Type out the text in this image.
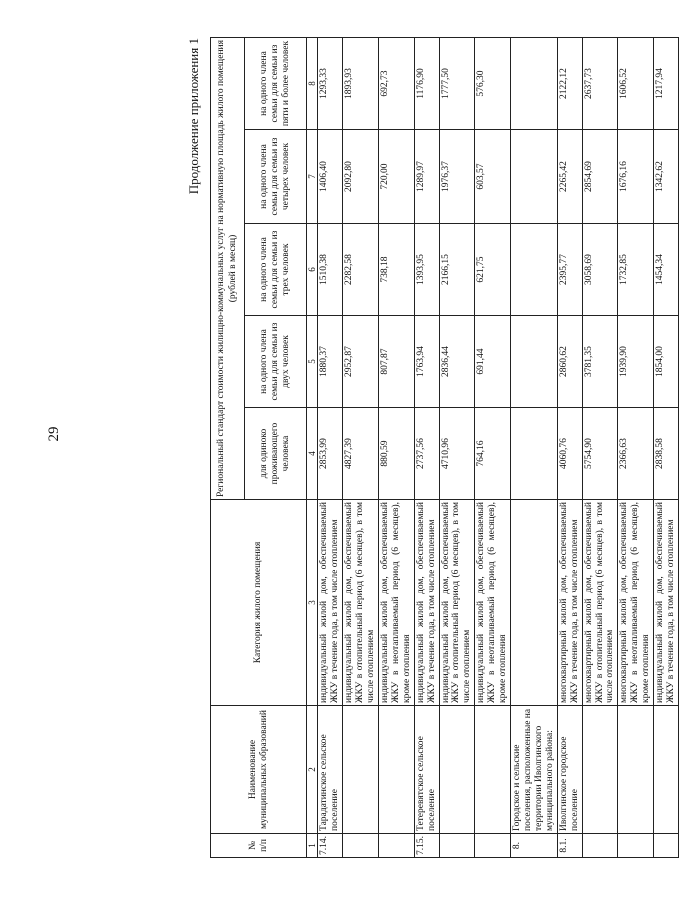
29
Продолжение приложения 1
№ п/п	Наименование муниципальных образований	Категория жилого помещения	Региональный стандарт стоимости жилищно-коммунальных услуг на нормативную площадь жилого помещения (рублей в месяц)				
			для одиноко проживающего человека	на одного члена семьи для семьи из двух человек	на одного члена семьи для семьи из трех человек	на одного члена семьи для семьи из четырех человек	на одного члена семьи для семьи из пяти и более человек
1	2	3	4	5	6	7	8
7.14.	Тарадатинское сельское поселение	индивидуальный жилой дом, обеспечиваемый ЖКУ в течение года, в том числе отоплением	2853,99	1880,37	1510,38	1406,40	1293,33
		индивидуальный жилой дом, обеспечиваемый ЖКУ в отопительный период (6 месяцев), в том числе отоплением	4827,39	2952,87	2282,58	2092,80	1893,93
		индивидуальный жилой дом, обеспечиваемый ЖКУ в неотапливаемый период (6 месяцев), кроме отопления	880,59	807,87	738,18	720,00	692,73
7.15.	Тетеревятское сельское поселение	индивидуальный жилой дом, обеспечиваемый ЖКУ в течение года, в том числе отоплением	2737,56	1763,94	1393,95	1289,97	1176,90
		индивидуальный жилой дом, обеспечиваемый ЖКУ в отопительный период (6 месяцев), в том числе отоплением	4710,96	2836,44	2166,15	1976,37	1777,50
		индивидуальный жилой дом, обеспечиваемый ЖКУ в неотапливаемый период (6 месяцев), кроме отопления	764,16	691,44	621,75	603,57	576,30
8.	Городское и сельские поселения, расположенные на территории Иволгинского муниципального района:						
8.1.	Иволгинское городское поселение	многоквартирный жилой дом, обеспечиваемый ЖКУ в течение года, в том числе отоплением	4060,76	2860,62	2395,77	2265,42	2122,12
		многоквартирный жилой дом, обеспечиваемый ЖКУ в отопительный период (6 месяцев), в том числе отоплением	5754,90	3781,35	3058,69	2854,69	2637,73
		многоквартирный жилой дом, обеспечиваемый ЖКУ в неотапливаемый период (6 месяцев), кроме отопления	2366,63	1939,90	1732,85	1676,16	1606,52
		индивидуальный жилой дом, обеспечиваемый ЖКУ в течение года, в том числе отоплением	2838,58	1854,00	1454,34	1342,62	1217,94
